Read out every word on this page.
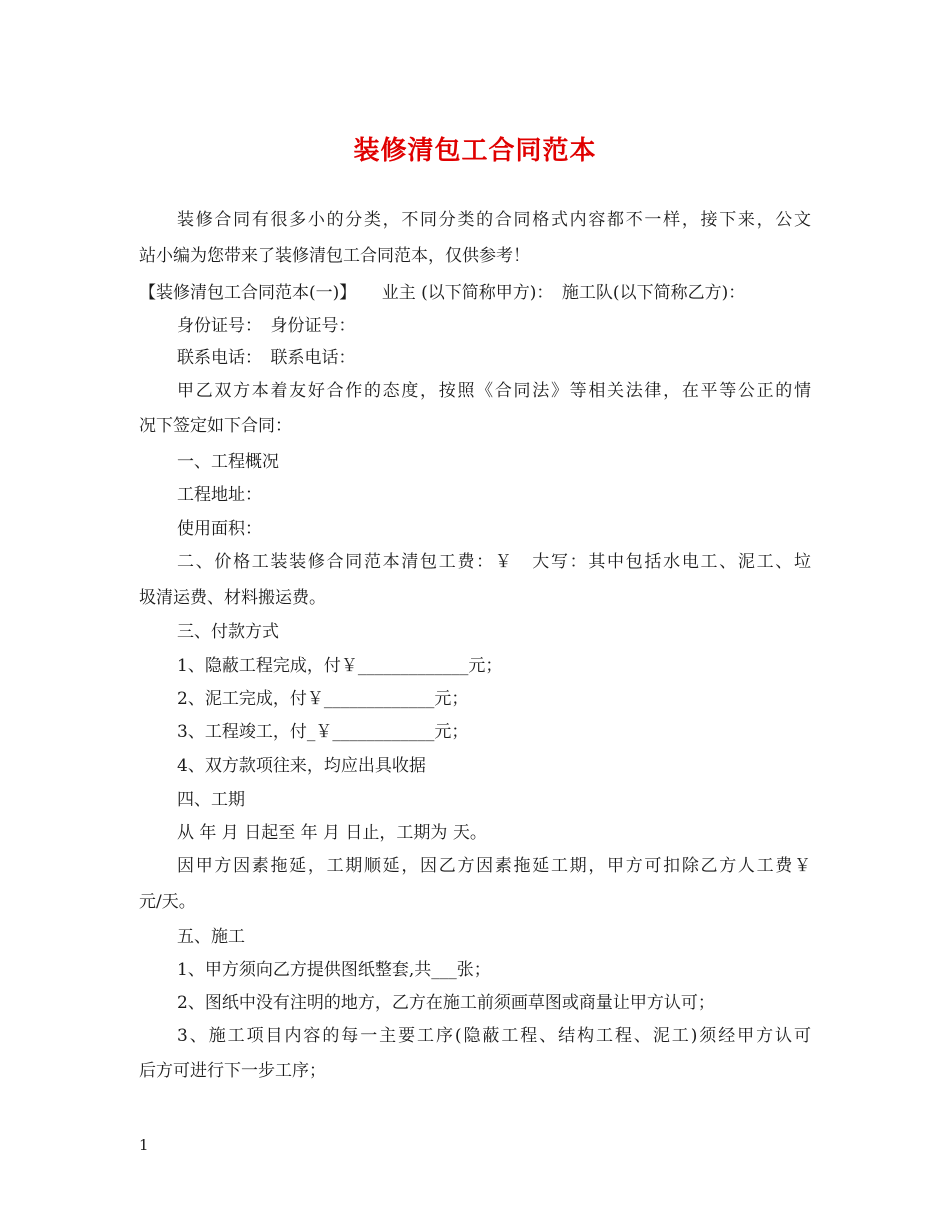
装修清包工合同范本
装修合同有很多小的分类，不同分类的合同格式内容都不一样，接下来，公文
站小编为您带来了装修清包工合同范本，仅供参考！
【装修清包工合同范本(一)】　　业主 (以下简称甲方)：　施工队(以下简称乙方)：
身份证号：　身份证号：
联系电话：　联系电话：
甲乙双方本着友好合作的态度，按照《合同法》等相关法律，在平等公正的情
况下签定如下合同：
一、工程概况
工程地址：
使用面积：
二、价格工装装修合同范本清包工费：￥　大写：其中包括水电工、泥工、垃
圾清运费、材料搬运费。
三、付款方式
1、隐蔽工程完成，付￥_____________元；
2、泥工完成，付￥_____________元；
3、工程竣工，付_￥____________元；
4、双方款项往来，均应出具收据
四、工期
从 年 月 日起至 年 月 日止，工期为 天。
因甲方因素拖延，工期顺延，因乙方因素拖延工期，甲方可扣除乙方人工费￥
元/天。
五、施工
1、甲方须向乙方提供图纸整套,共___张；
2、图纸中没有注明的地方，乙方在施工前须画草图或商量让甲方认可；
3、施工项目内容的每一主要工序(隐蔽工程、结构工程、泥工)须经甲方认可
后方可进行下一步工序；
1
